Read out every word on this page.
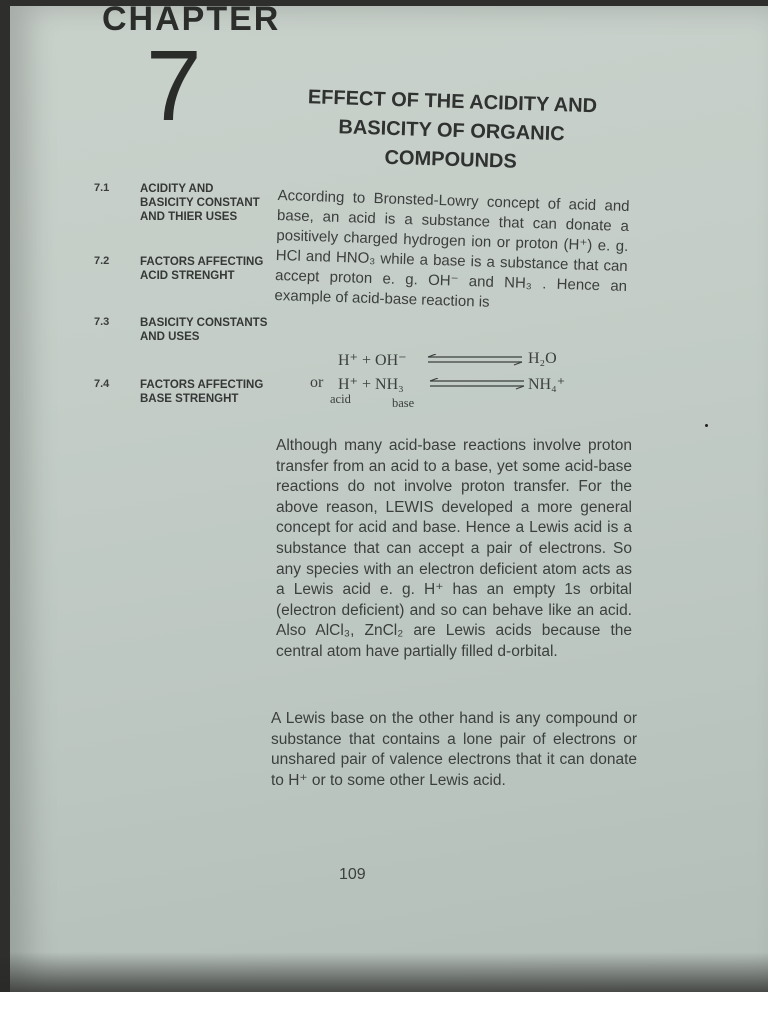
CHAPTER
7	EFFECT OF THE ACIDITY AND
BASICITY OF ORGANIC
COMPOUNDS
7.1	ACIDITY AND BASICITY CONSTANT AND THIER USES
7.2	FACTORS AFFECTING ACID STRENGHT
7.3	BASICITY CONSTANTS AND USES
7.4	FACTORS AFFECTING BASE STRENGHT
According to Bronsted-Lowry concept of acid and base, an acid is a substance that can donate a positively charged hydrogen ion or proton (H⁺) e. g. HCl and HNO₃ while a base is a substance that can accept proton e. g. OH⁻ and NH₃ . Hence an example of acid-base reaction is
H⁺ + OH⁻	H₂O
or H⁺ + NH₃	NH₄⁺
acid	base
Although many acid-base reactions involve proton transfer from an acid to a base, yet some acid-base reactions do not involve proton transfer. For the above reason, LEWIS developed a more general concept for acid and base. Hence a Lewis acid is a substance that can accept a pair of electrons. So any species with an electron deficient atom acts as a Lewis acid e. g. H⁺ has an empty 1s orbital (electron deficient) and so can behave like an acid. Also AlCl₃, ZnCl₂ are Lewis acids because the central atom have partially filled d-orbital.
A Lewis base on the other hand is any compound or substance that contains a lone pair of electrons or unshared pair of valence electrons that it can donate to H⁺ or to some other Lewis acid.
109
